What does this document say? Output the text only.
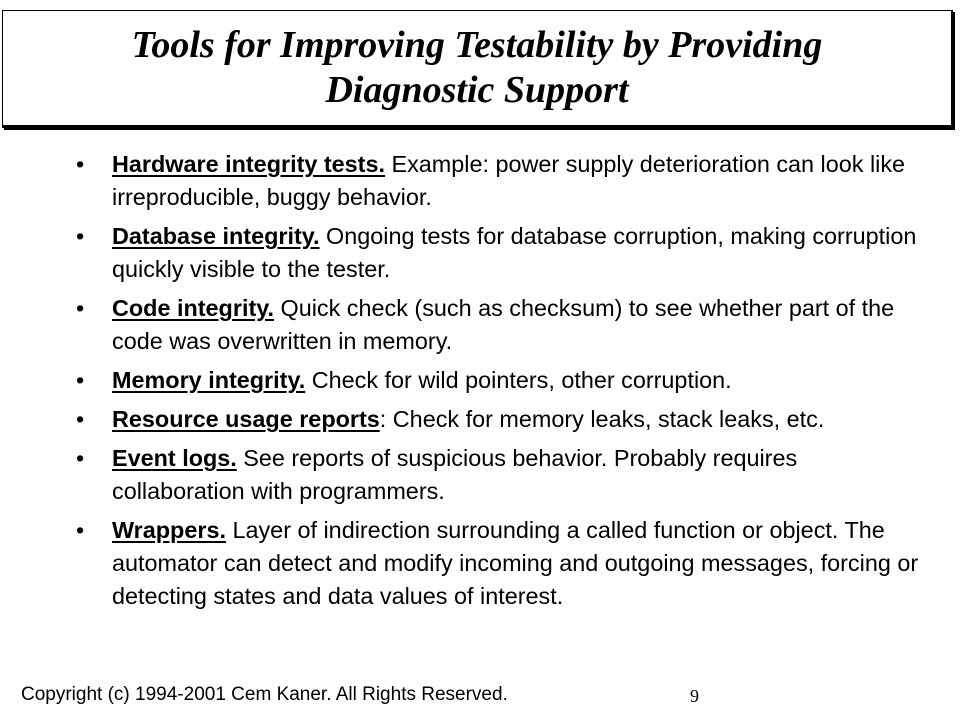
Tools for Improving Testability by Providing Diagnostic Support
• Hardware integrity tests. Example: power supply deterioration can look like irreproducible, buggy behavior.
• Database integrity. Ongoing tests for database corruption, making corruption quickly visible to the tester.
• Code integrity. Quick check (such as checksum) to see whether part of the code was overwritten in memory.
• Memory integrity. Check for wild pointers, other corruption.
• Resource usage reports: Check for memory leaks, stack leaks, etc.
• Event logs. See reports of suspicious behavior. Probably requires collaboration with programmers.
• Wrappers. Layer of indirection surrounding a called function or object. The automator can detect and modify incoming and outgoing messages, forcing or detecting states and data values of interest.
Copyright (c) 1994-2001 Cem Kaner. All Rights Reserved.	9
